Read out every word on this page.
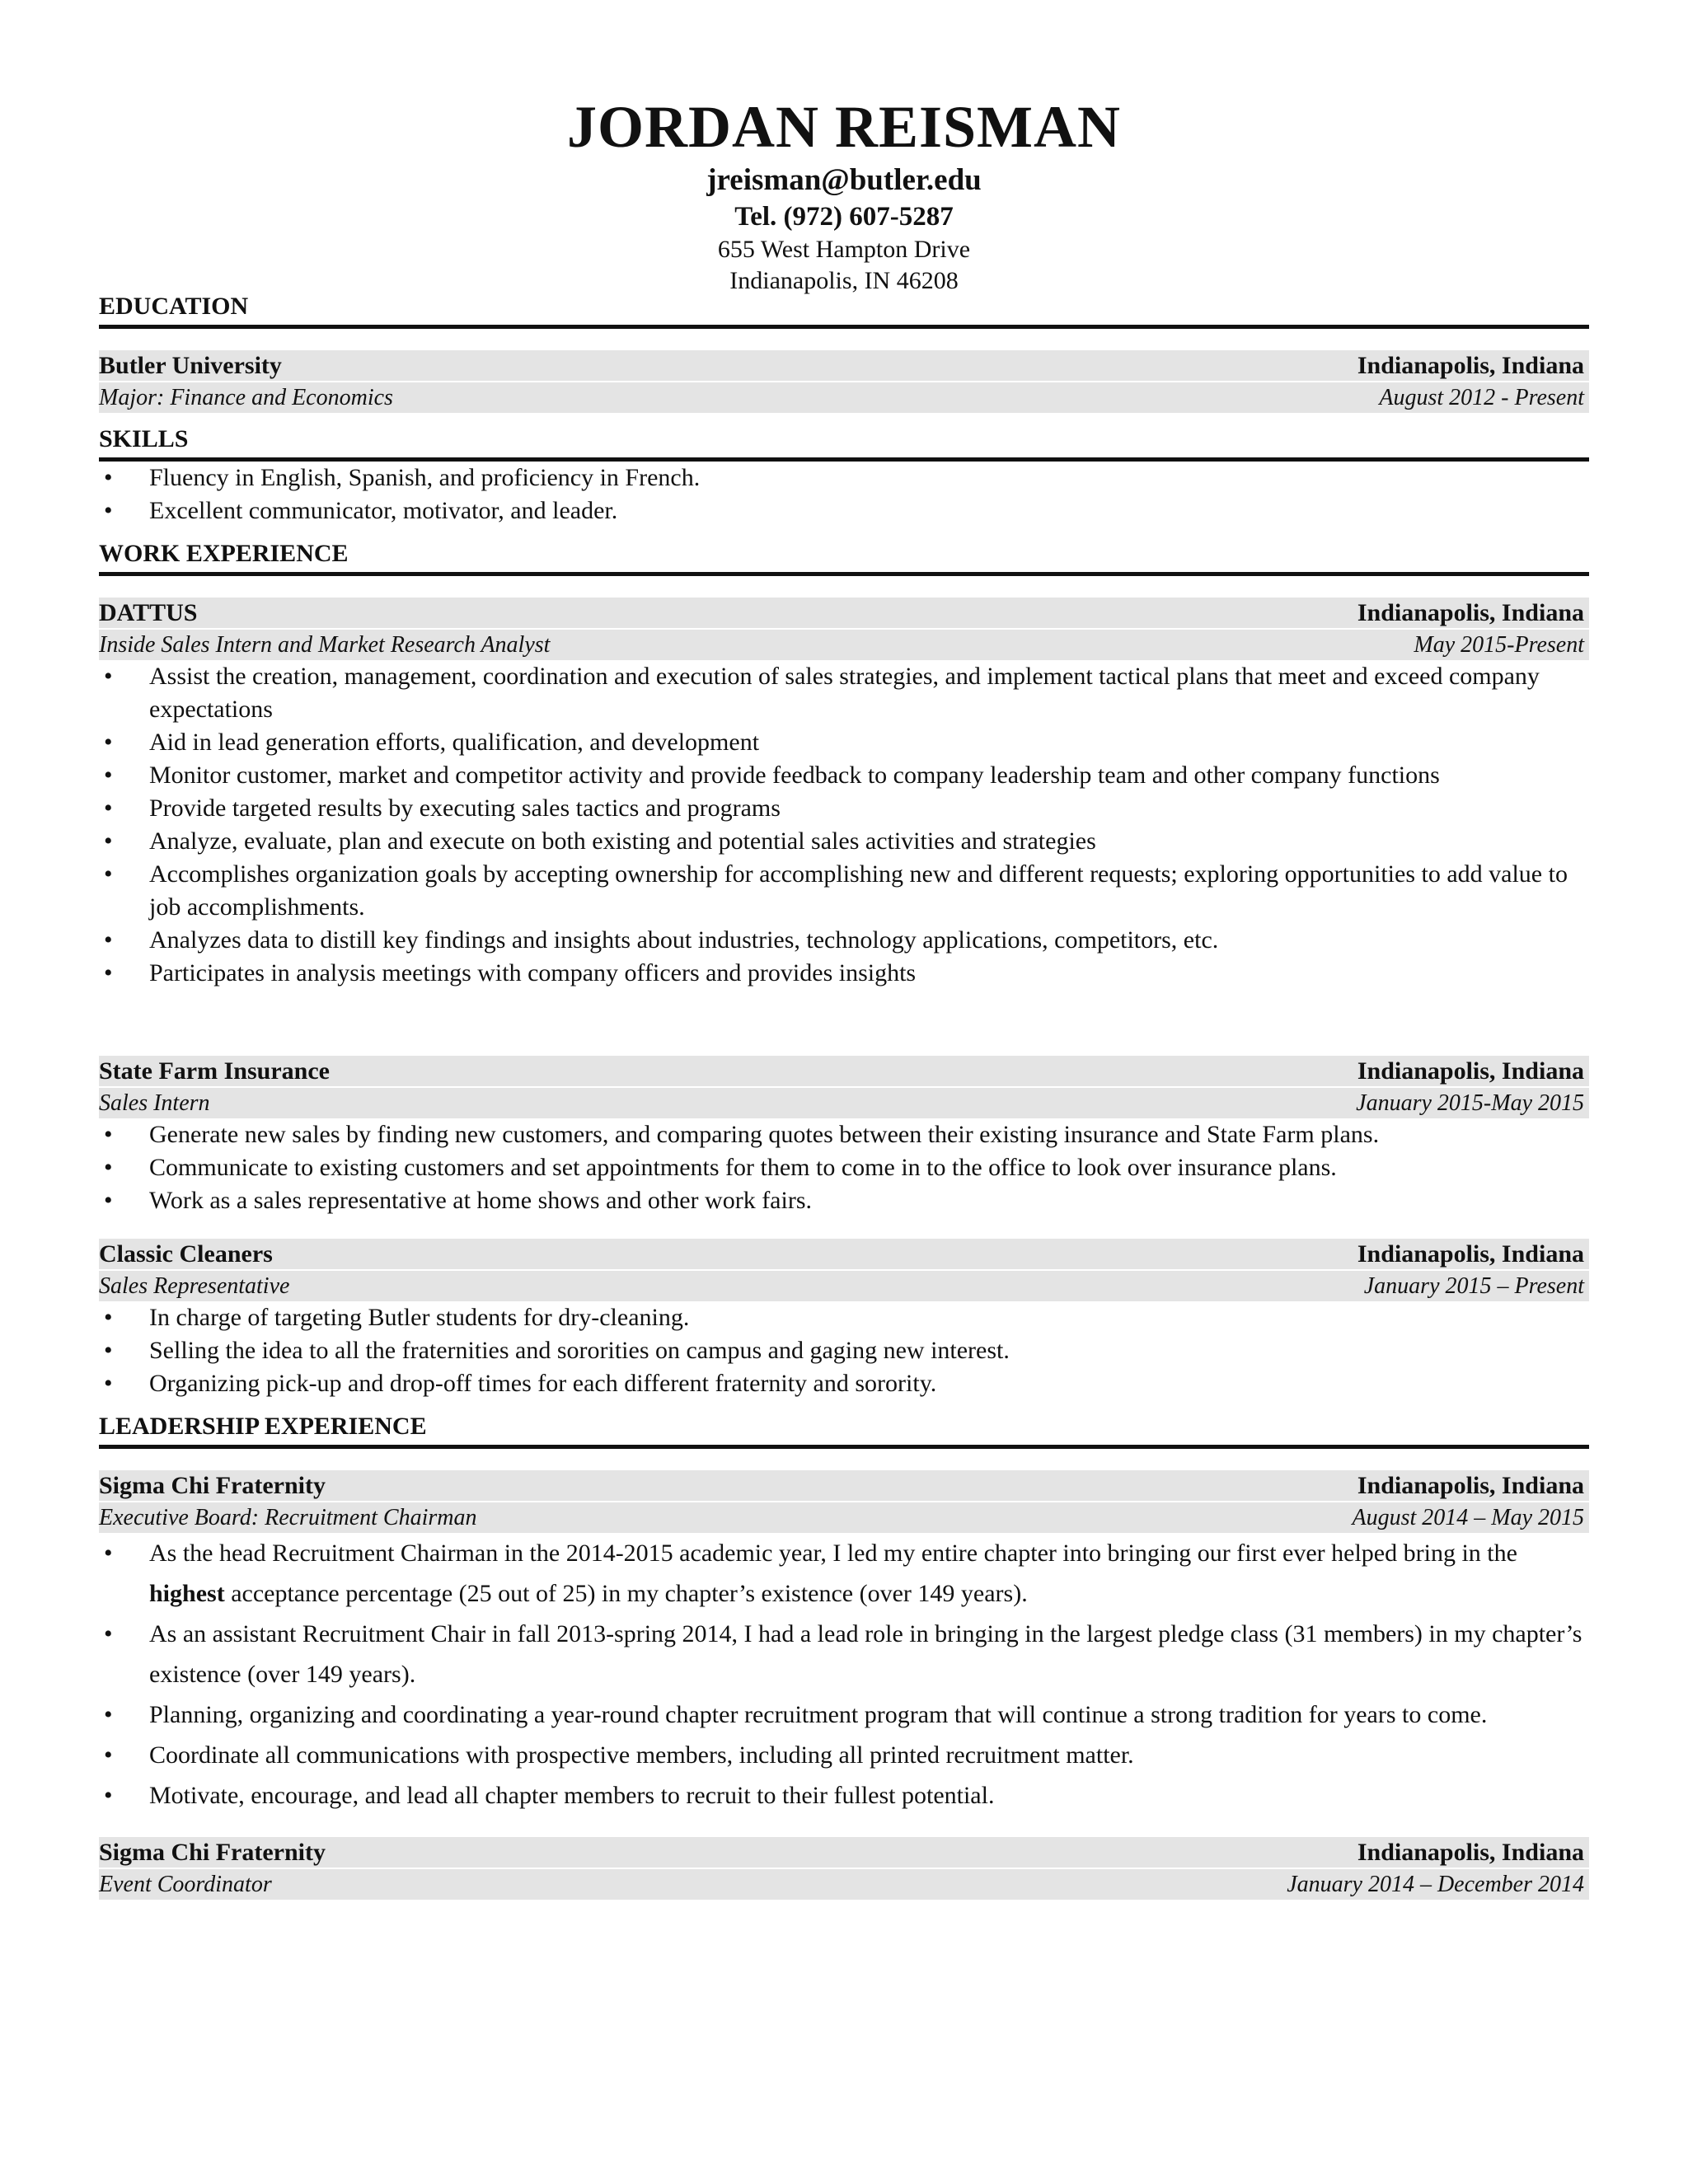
JORDAN REISMAN
jreisman@butler.edu
Tel. (972) 607-5287
655 West Hampton Drive
Indianapolis, IN 46208
EDUCATION
Butler University	Indianapolis, Indiana
Major: Finance and Economics	August 2012 - Present
SKILLS
• Fluency in English, Spanish, and proficiency in French.
• Excellent communicator, motivator, and leader.
WORK EXPERIENCE
DATTUS	Indianapolis, Indiana
Inside Sales Intern and Market Research Analyst	May 2015-Present
• Assist the creation, management, coordination and execution of sales strategies, and implement tactical plans that meet and exceed company expectations
• Aid in lead generation efforts, qualification, and development
• Monitor customer, market and competitor activity and provide feedback to company leadership team and other company functions
• Provide targeted results by executing sales tactics and programs
• Analyze, evaluate, plan and execute on both existing and potential sales activities and strategies
• Accomplishes organization goals by accepting ownership for accomplishing new and different requests; exploring opportunities to add value to job accomplishments.
• Analyzes data to distill key findings and insights about industries, technology applications, competitors, etc.
• Participates in analysis meetings with company officers and provides insights
State Farm Insurance	Indianapolis, Indiana
Sales Intern	January 2015-May 2015
• Generate new sales by finding new customers, and comparing quotes between their existing insurance and State Farm plans.
• Communicate to existing customers and set appointments for them to come in to the office to look over insurance plans.
• Work as a sales representative at home shows and other work fairs.
Classic Cleaners	Indianapolis, Indiana
Sales Representative	January 2015 – Present
• In charge of targeting Butler students for dry-cleaning.
• Selling the idea to all the fraternities and sororities on campus and gaging new interest.
• Organizing pick-up and drop-off times for each different fraternity and sorority.
LEADERSHIP EXPERIENCE
Sigma Chi Fraternity	Indianapolis, Indiana
Executive Board: Recruitment Chairman	August 2014 – May 2015
• As the head Recruitment Chairman in the 2014-2015 academic year, I led my entire chapter into bringing our first ever helped bring in the highest acceptance percentage (25 out of 25) in my chapter’s existence (over 149 years).
• As an assistant Recruitment Chair in fall 2013-spring 2014, I had a lead role in bringing in the largest pledge class (31 members) in my chapter’s existence (over 149 years).
• Planning, organizing and coordinating a year-round chapter recruitment program that will continue a strong tradition for years to come.
• Coordinate all communications with prospective members, including all printed recruitment matter.
• Motivate, encourage, and lead all chapter members to recruit to their fullest potential.
Sigma Chi Fraternity	Indianapolis, Indiana
Event Coordinator	January 2014 – December 2014
